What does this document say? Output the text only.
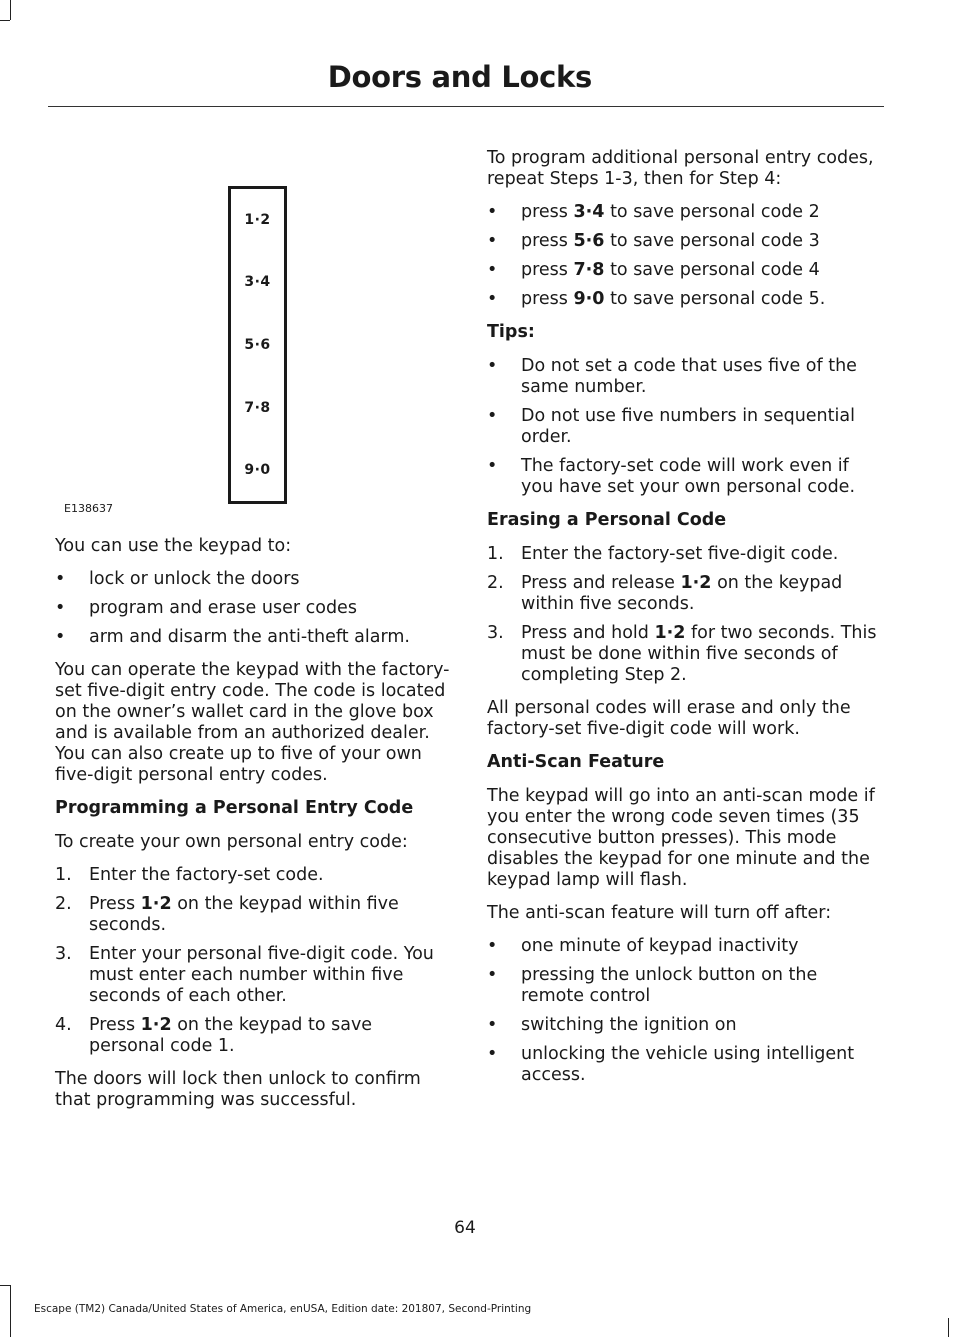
Doors and Locks
1·2
3·4
5·6
7·8
9·0
E138637

You can use the keypad to:

• lock or unlock the doors
• program and erase user codes
• arm and disarm the anti-theft alarm.

You can operate the keypad with the factory-set five-digit entry code. The code is located on the owner’s wallet card in the glove box and is available from an authorized dealer. You can also create up to five of your own five-digit personal entry codes.

Programming a Personal Entry Code

To create your own personal entry code:

1. Enter the factory-set code.
2. Press 1·2 on the keypad within five seconds.
3. Enter your personal five-digit code. You must enter each number within five seconds of each other.
4. Press 1·2 on the keypad to save personal code 1.

The doors will lock then unlock to confirm that programming was successful.

To program additional personal entry codes, repeat Steps 1-3, then for Step 4:

• press 3·4 to save personal code 2
• press 5·6 to save personal code 3
• press 7·8 to save personal code 4
• press 9·0 to save personal code 5.
Tips:
• Do not set a code that uses five of the same number.
• Do not use five numbers in sequential order.
• The factory-set code will work even if you have set your own personal code.
Erasing a Personal Code
1. Enter the factory-set five-digit code.
2. Press and release 1·2 on the keypad within five seconds.
3. Press and hold 1·2 for two seconds. This must be done within five seconds of completing Step 2.

All personal codes will erase and only the factory-set five-digit code will work.

Anti-Scan Feature

The keypad will go into an anti-scan mode if you enter the wrong code seven times (35 consecutive button presses). This mode disables the keypad for one minute and the keypad lamp will flash.

The anti-scan feature will turn off after:

• one minute of keypad inactivity
• pressing the unlock button on the remote control
• switching the ignition on
• unlocking the vehicle using intelligent access.
64
Escape (TM2) Canada/United States of America, enUSA, Edition date: 201807, Second-Printing
